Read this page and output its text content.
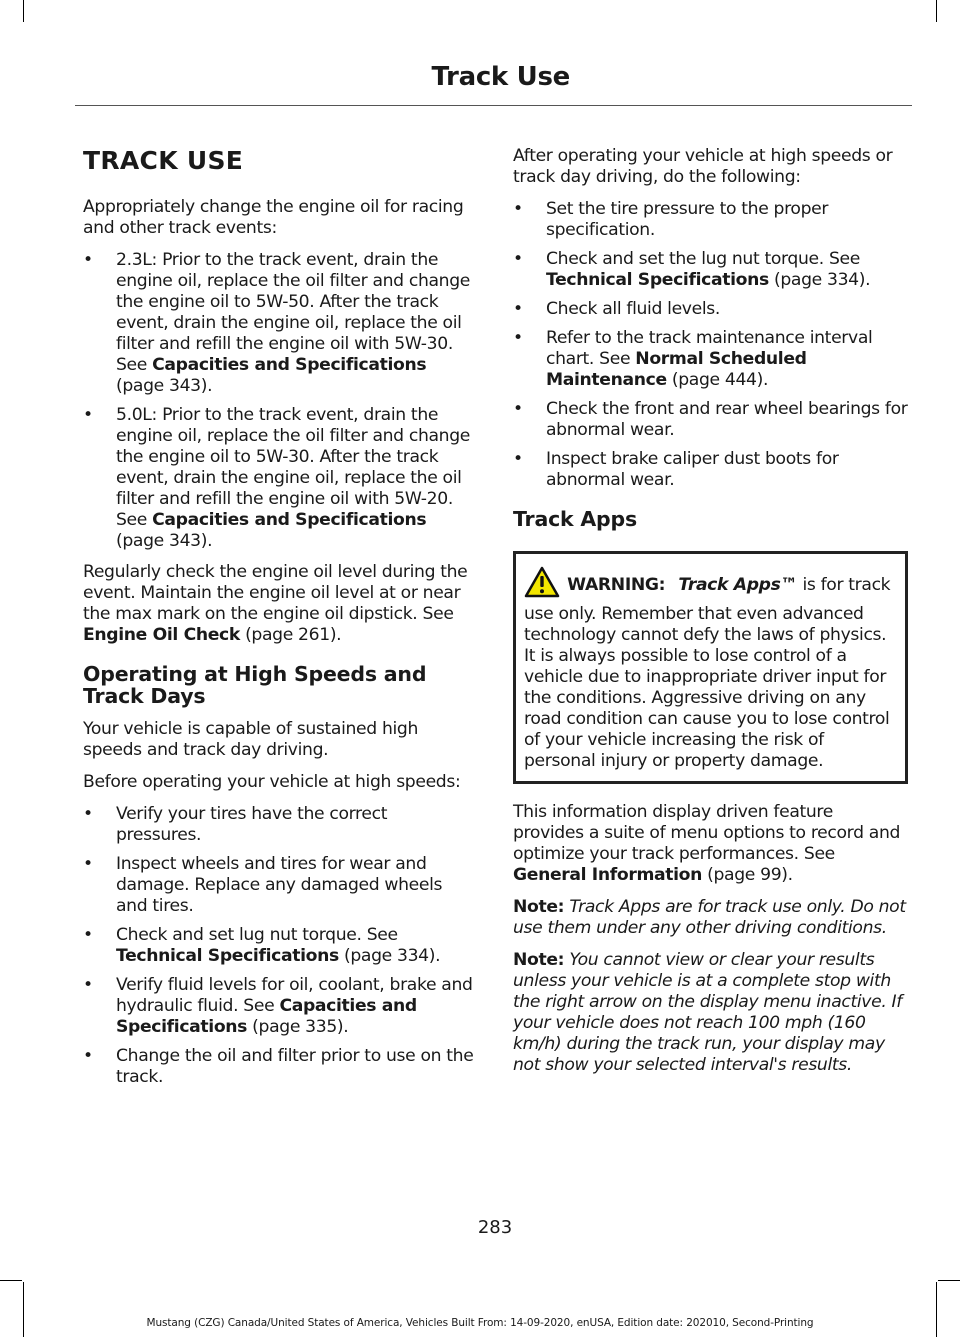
Track Use
TRACK USE

Appropriately change the engine oil for racing and other track events:

• 2.3L: Prior to the track event, drain the engine oil, replace the oil filter and change the engine oil to 5W-50. After the track event, drain the engine oil, replace the oil filter and refill the engine oil with 5W-30. See Capacities and Specifications (page 343).
• 5.0L: Prior to the track event, drain the engine oil, replace the oil filter and change the engine oil to 5W-30. After the track event, drain the engine oil, replace the oil filter and refill the engine oil with 5W-20. See Capacities and Specifications (page 343).

Regularly check the engine oil level during the event. Maintain the engine oil level at or near the max mark on the engine oil dipstick. See Engine Oil Check (page 261).

Operating at High Speeds and Track Days

Your vehicle is capable of sustained high speeds and track day driving.

Before operating your vehicle at high speeds:

• Verify your tires have the correct pressures.
• Inspect wheels and tires for wear and damage. Replace any damaged wheels and tires.
• Check and set lug nut torque. See Technical Specifications (page 334).
• Verify fluid levels for oil, coolant, brake and hydraulic fluid. See Capacities and Specifications (page 335).
• Change the oil and filter prior to use on the track.

After operating your vehicle at high speeds or track day driving, do the following:

• Set the tire pressure to the proper specification.
• Check and set the lug nut torque. See Technical Specifications (page 334).
• Check all fluid levels.
• Refer to the track maintenance interval chart. See Normal Scheduled Maintenance (page 444).
• Check the front and rear wheel bearings for abnormal wear.
• Inspect brake caliper dust boots for abnormal wear.
Track Apps

WARNING: Track Apps™ is for track use only. Remember that even advanced technology cannot defy the laws of physics. It is always possible to lose control of a vehicle due to inappropriate driver input for the conditions. Aggressive driving on any road condition can cause you to lose control of your vehicle increasing the risk of personal injury or property damage.

This information display driven feature provides a suite of menu options to record and optimize your track performances. See General Information (page 99).

Note: Track Apps are for track use only. Do not use them under any other driving conditions.

Note: You cannot view or clear your results unless your vehicle is at a complete stop with the right arrow on the display menu inactive. If your vehicle does not reach 100 mph (160 km/h) during the track run, your display may not show your selected interval's results.

283
Mustang (CZG) Canada/United States of America, Vehicles Built From: 14-09-2020, enUSA, Edition date: 202010, Second-Printing
